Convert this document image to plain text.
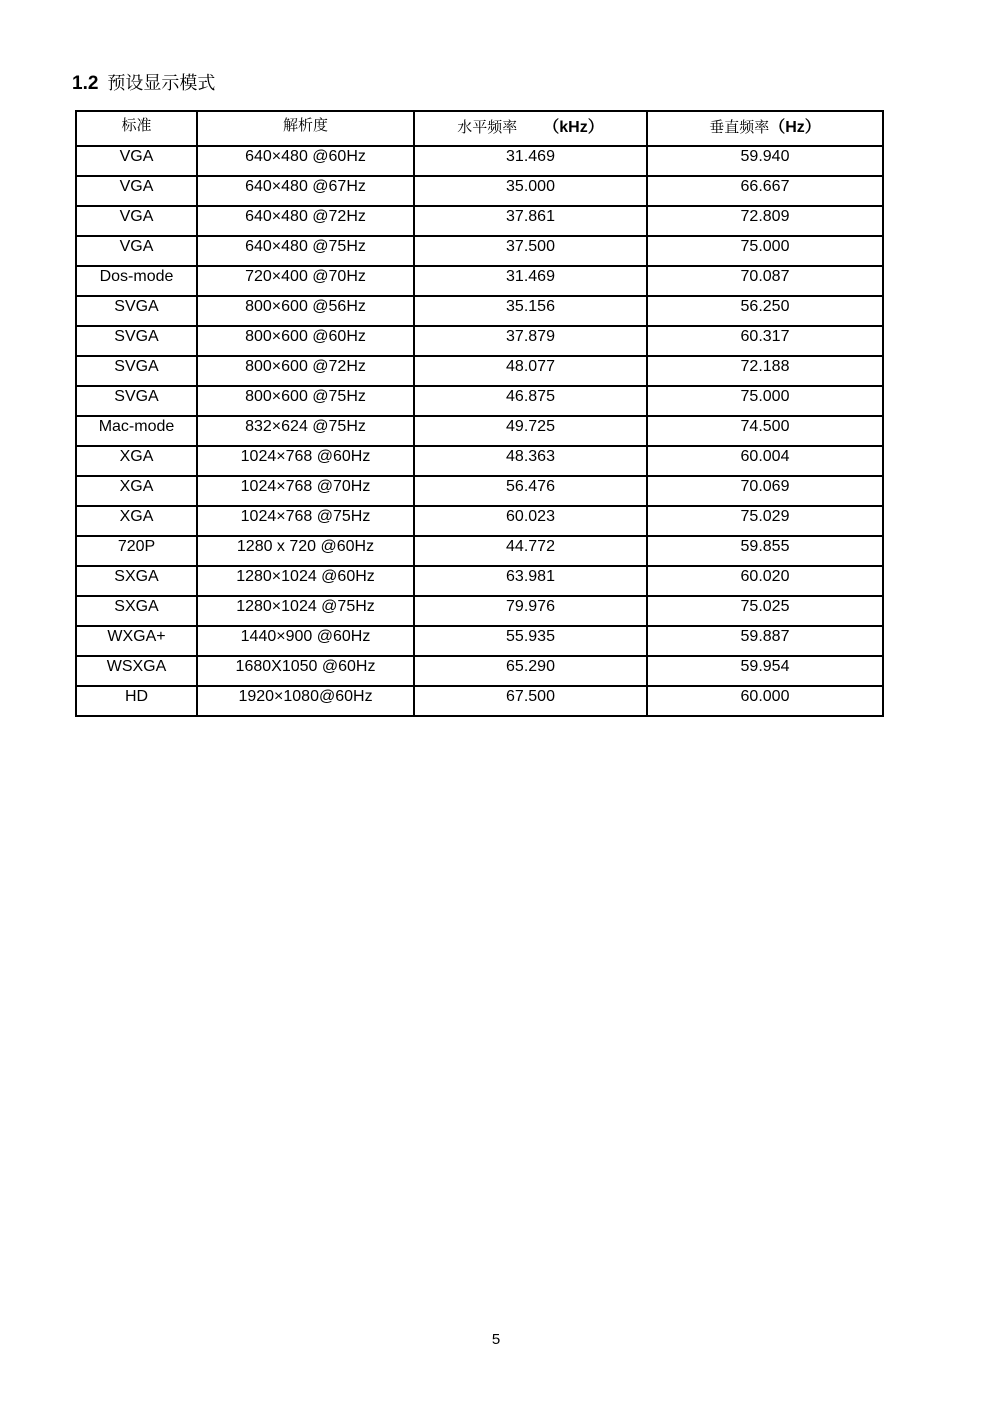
1.2 预设显示模式
标准	解析度	水平频率 （kHz）	垂直频率（Hz）
VGA	640×480 @60Hz	31.469	59.940
VGA	640×480 @67Hz	35.000	66.667
VGA	640×480 @72Hz	37.861	72.809
VGA	640×480 @75Hz	37.500	75.000
Dos-mode	720×400 @70Hz	31.469	70.087
SVGA	800×600 @56Hz	35.156	56.250
SVGA	800×600 @60Hz	37.879	60.317
SVGA	800×600 @72Hz	48.077	72.188
SVGA	800×600 @75Hz	46.875	75.000
Mac-mode	832×624 @75Hz	49.725	74.500
XGA	1024×768 @60Hz	48.363	60.004
XGA	1024×768 @70Hz	56.476	70.069
XGA	1024×768 @75Hz	60.023	75.029
720P	1280 x 720 @60Hz	44.772	59.855
SXGA	1280×1024 @60Hz	63.981	60.020
SXGA	1280×1024 @75Hz	79.976	75.025
WXGA+	1440×900 @60Hz	55.935	59.887
WSXGA	1680X1050 @60Hz	65.290	59.954
HD	1920×1080@60Hz	67.500	60.000
5
